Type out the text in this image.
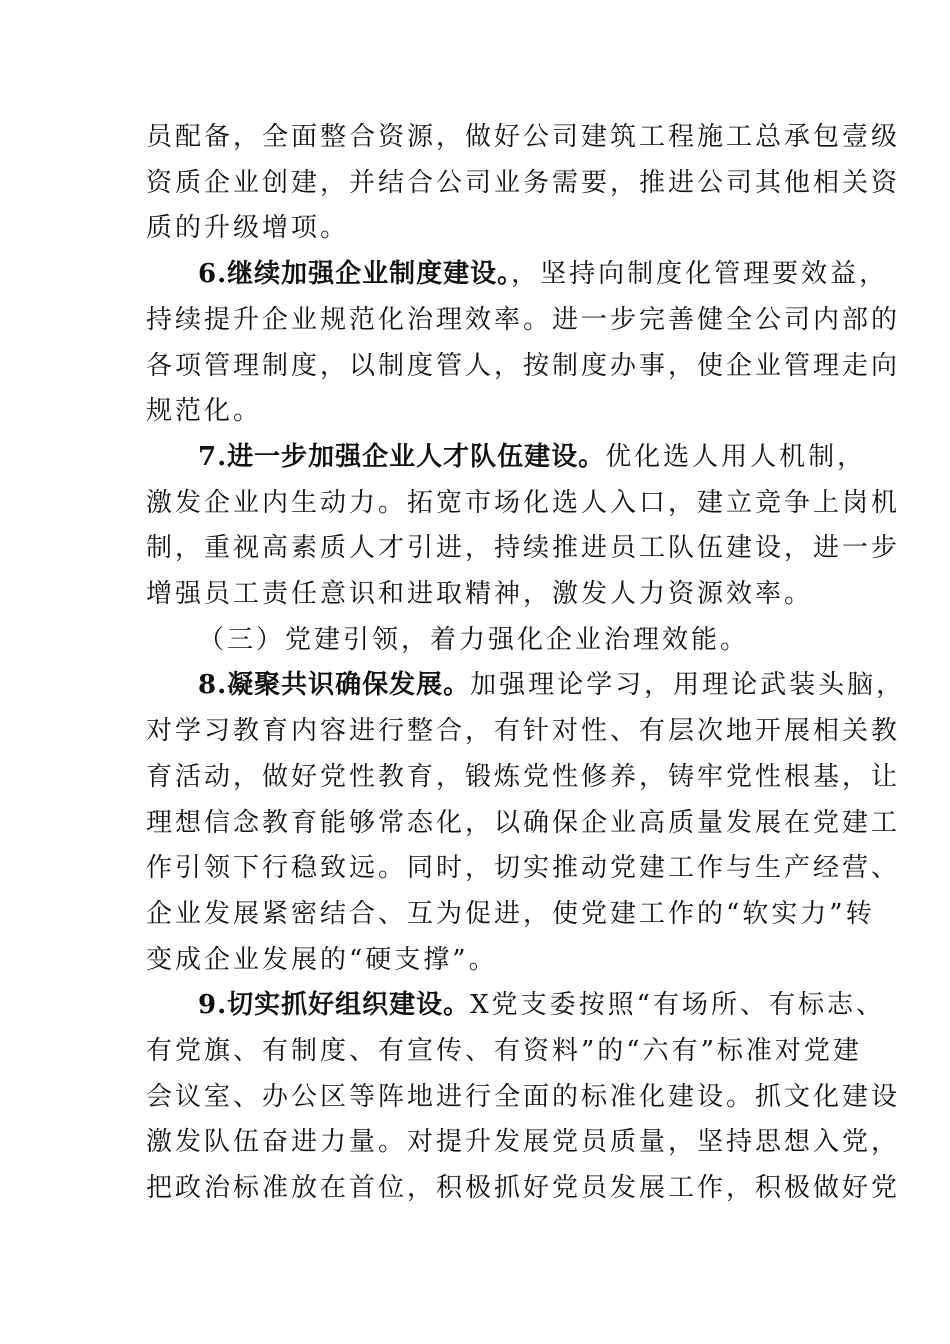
员配备，全面整合资源，做好公司建筑工程施工总承包壹级
资质企业创建，并结合公司业务需要，推进公司其他相关资
质的升级增项。

6.继续加强企业制度建设。，坚持向制度化管理要效益，
持续提升企业规范化治理效率。进一步完善健全公司内部的
各项管理制度，以制度管人，按制度办事，使企业管理走向
规范化。

7.进一步加强企业人才队伍建设。优化选人用人机制，
激发企业内生动力。拓宽市场化选人入口，建立竞争上岗机
制，重视高素质人才引进，持续推进员工队伍建设，进一步
增强员工责任意识和进取精神，激发人力资源效率。

（三）党建引领，着力强化企业治理效能。

8.凝聚共识确保发展。加强理论学习，用理论武装头脑，
对学习教育内容进行整合，有针对性、有层次地开展相关教
育活动，做好党性教育，锻炼党性修养，铸牢党性根基，让
理想信念教育能够常态化，以确保企业高质量发展在党建工
作引领下行稳致远。同时，切实推动党建工作与生产经营、
企业发展紧密结合、互为促进，使党建工作的“软实力”转
变成企业发展的“硬支撑”。

9.切实抓好组织建设。X党支委按照“有场所、有标志、
有党旗、有制度、有宣传、有资料”的“六有”标准对党建
会议室、办公区等阵地进行全面的标准化建设。抓文化建设
激发队伍奋进力量。对提升发展党员质量，坚持思想入党，
把政治标准放在首位，积极抓好党员发展工作，积极做好党
